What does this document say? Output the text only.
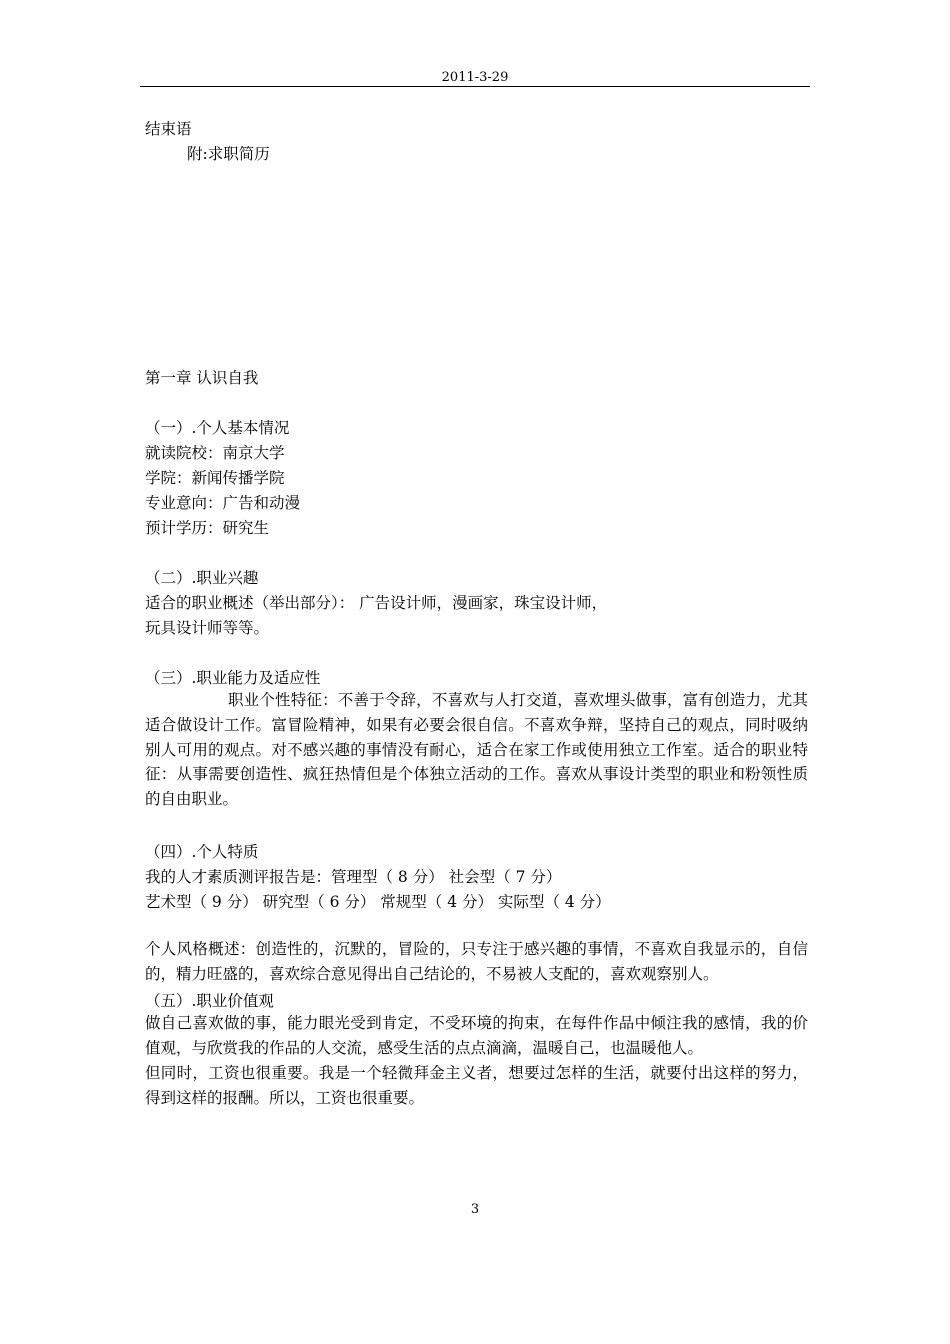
2011-3-29
结束语
附:求职简历
第一章 认识自我
（一）.个人基本情况
就读院校：南京大学
学院：新闻传播学院
专业意向：广告和动漫
预计学历：研究生
（二）.职业兴趣
适合的职业概述（举出部分）： 广告设计师，漫画家，珠宝设计师，
玩具设计师等等。
（三）.职业能力及适应性
职业个性特征：不善于令辞，不喜欢与人打交道，喜欢埋头做事，富有创造力，尤其适合做设计工作。富冒险精神，如果有必要会很自信。不喜欢争辩，坚持自己的观点，同时吸纳别人可用的观点。对不感兴趣的事情没有耐心，适合在家工作或使用独立工作室。适合的职业特征：从事需要创造性、疯狂热情但是个体独立活动的工作。喜欢从事设计类型的职业和粉领性质的自由职业。
（四）.个人特质
我的人才素质测评报告是：管理型（ 8 分） 社会型（ 7 分）
艺术型（ 9 分） 研究型（ 6 分） 常规型（ 4 分） 实际型（ 4 分）
个人风格概述：创造性的，沉默的，冒险的，只专注于感兴趣的事情，不喜欢自我显示的，自信的，精力旺盛的，喜欢综合意见得出自己结论的，不易被人支配的，喜欢观察别人。
（五）.职业价值观
做自己喜欢做的事，能力眼光受到肯定，不受环境的拘束，在每件作品中倾注我的感情，我的价值观，与欣赏我的作品的人交流，感受生活的点点滴滴，温暖自己，也温暖他人。
但同时，工资也很重要。我是一个轻微拜金主义者，想要过怎样的生活，就要付出这样的努力，得到这样的报酬。所以，工资也很重要。
3
